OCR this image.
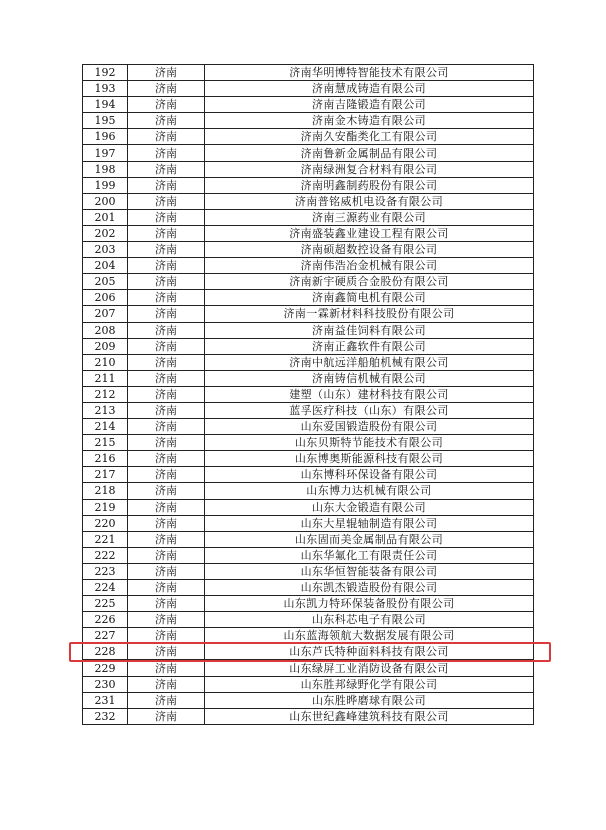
192	济南	济南华明博特智能技术有限公司
193	济南	济南慧成铸造有限公司
194	济南	济南吉隆锻造有限公司
195	济南	济南金木铸造有限公司
196	济南	济南久安酯类化工有限公司
197	济南	济南鲁新金属制品有限公司
198	济南	济南绿洲复合材料有限公司
199	济南	济南明鑫制药股份有限公司
200	济南	济南普铭威机电设备有限公司
201	济南	济南三源药业有限公司
202	济南	济南盛装鑫业建设工程有限公司
203	济南	济南硕超数控设备有限公司
204	济南	济南伟浩冶金机械有限公司
205	济南	济南新宇硬质合金股份有限公司
206	济南	济南鑫简电机有限公司
207	济南	济南一霖新材料科技股份有限公司
208	济南	济南益佳饲料有限公司
209	济南	济南正鑫软件有限公司
210	济南	济南中航远洋船舶机械有限公司
211	济南	济南铸信机械有限公司
212	济南	建塑（山东）建材科技有限公司
213	济南	蓝孚医疗科技（山东）有限公司
214	济南	山东爱国锻造股份有限公司
215	济南	山东贝斯特节能技术有限公司
216	济南	山东博奥斯能源科技有限公司
217	济南	山东博科环保设备有限公司
218	济南	山东博力达机械有限公司
219	济南	山东大金锻造有限公司
220	济南	山东大星辊轴制造有限公司
221	济南	山东固而美金属制品有限公司
222	济南	山东华氟化工有限责任公司
223	济南	山东华恒智能装备有限公司
224	济南	山东凯杰锻造股份有限公司
225	济南	山东凯力特环保装备股份有限公司
226	济南	山东科芯电子有限公司
227	济南	山东蓝海领航大数据发展有限公司
228	济南	山东芦氏特种面料科技有限公司
229	济南	山东绿屏工业消防设备有限公司
230	济南	山东胜邦绿野化学有限公司
231	济南	山东胜晔磨球有限公司
232	济南	山东世纪鑫峰建筑科技有限公司
